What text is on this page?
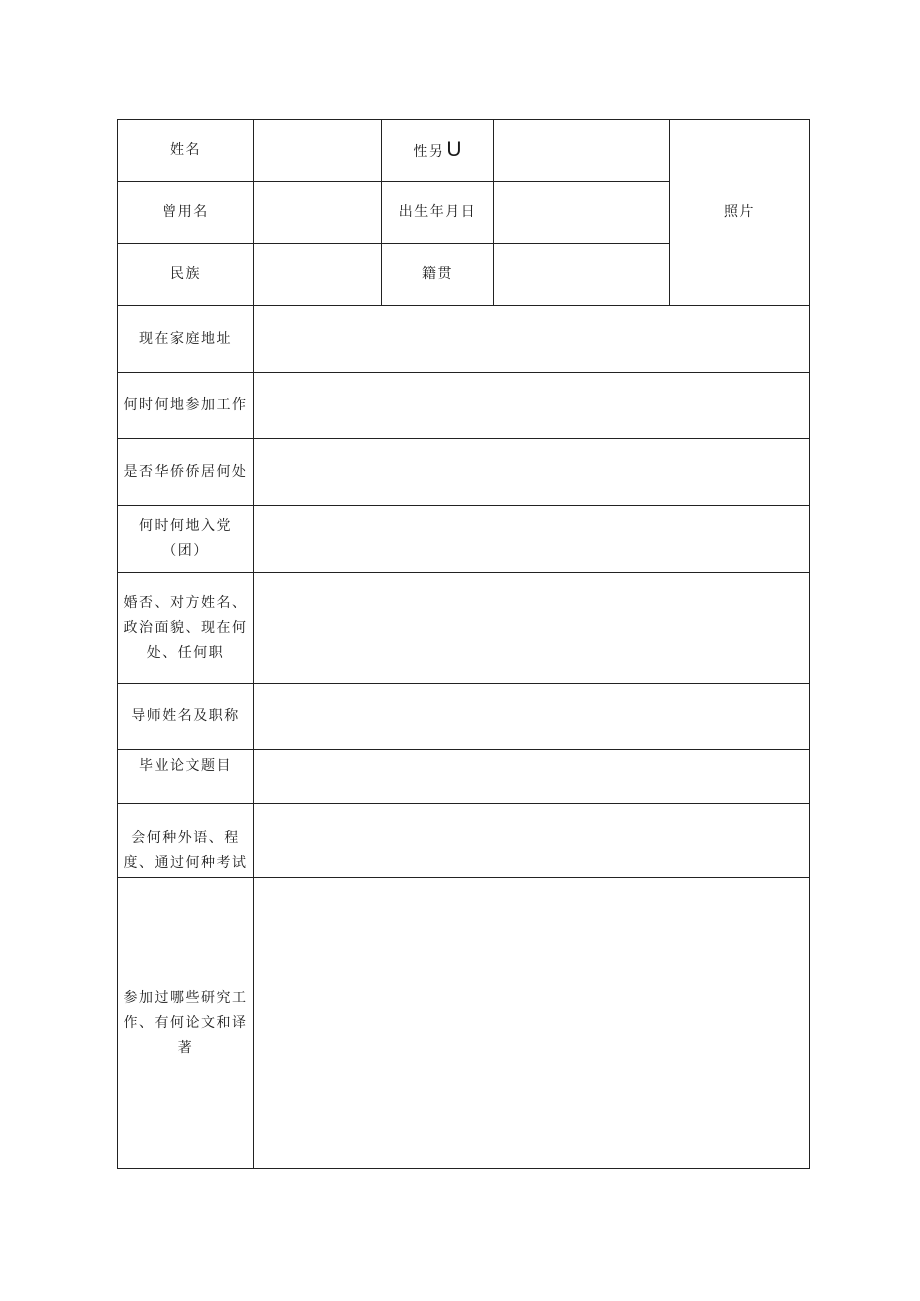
姓名		性另U		照片
曾用名		出生年月日		
民族		籍贯		
现在家庭地址				
何时何地参加工作				
是否华侨侨居何处				

何时何地入党
（团）				

婚否、对方姓名、
政治面貌、现在何
处、任何职				

导师姓名及职称				
毕业论文题目				

会何种外语、程
度、通过何种考试				

参加过哪些研究工
作、有何论文和译
著				
